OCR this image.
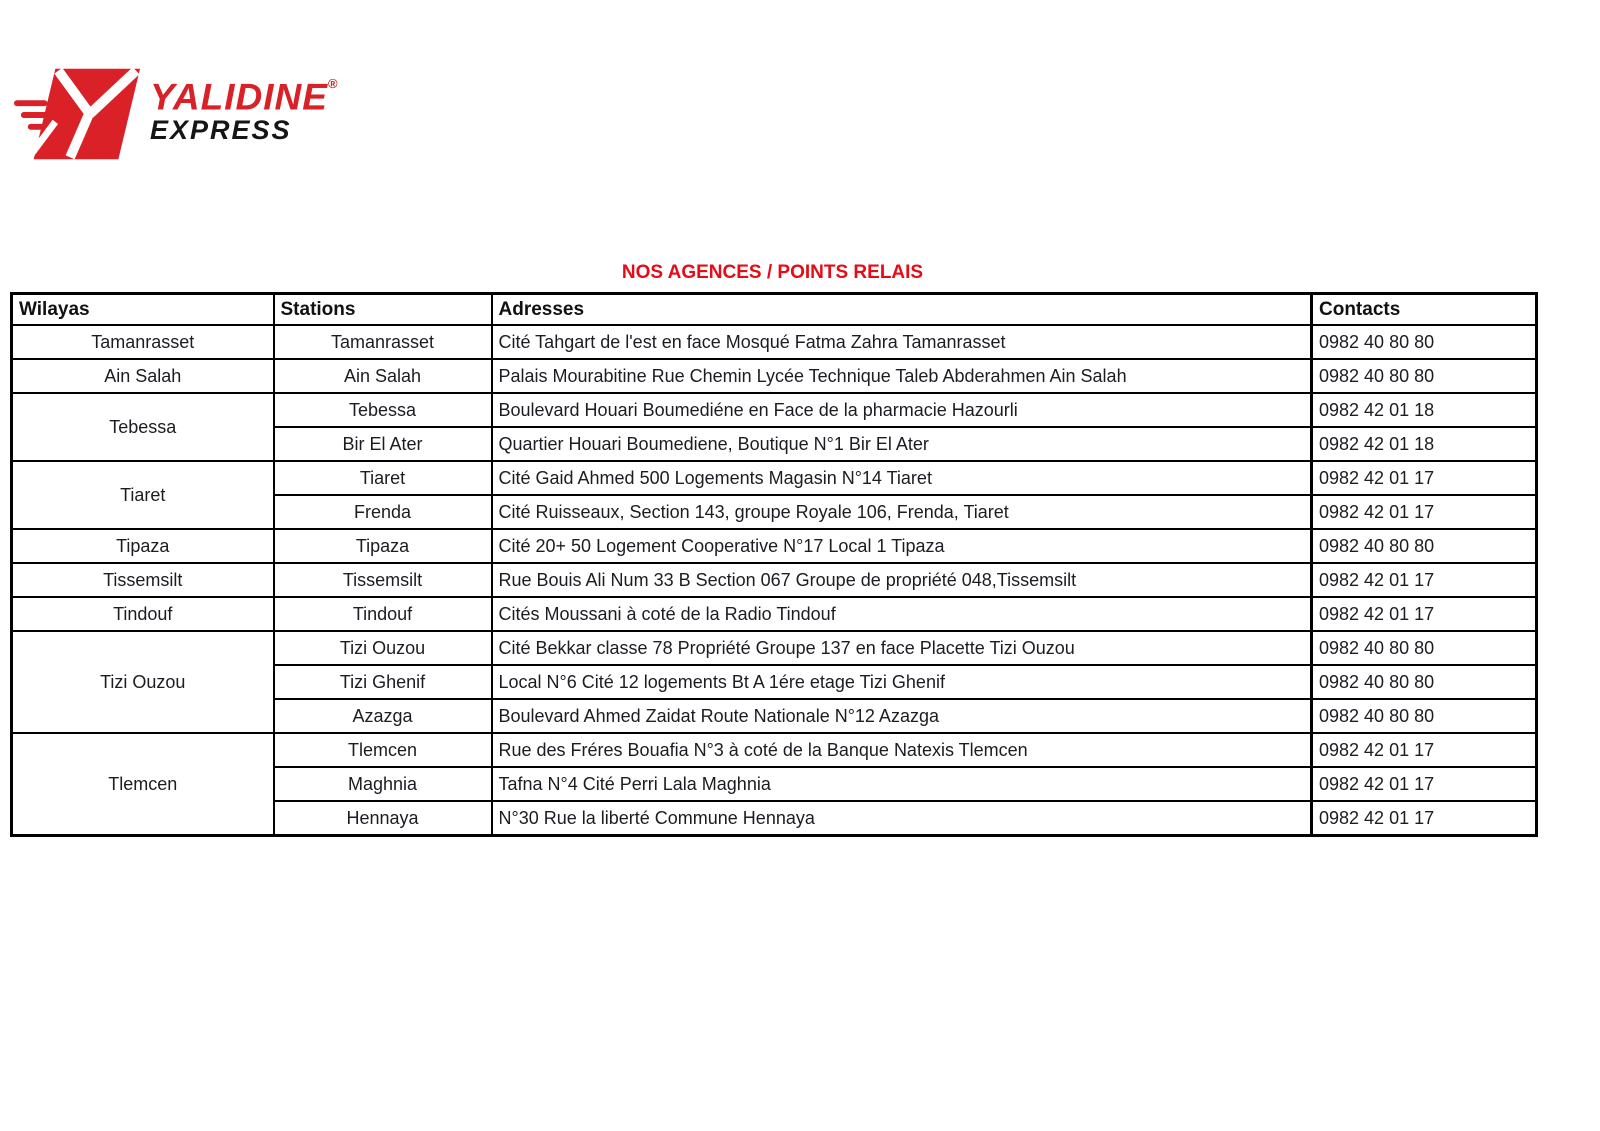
YALIDINE®
EXPRESS
NOS AGENCES / POINTS RELAIS
Wilayas	Stations	Adresses	Contacts
Tamanrasset	Tamanrasset	Cité Tahgart de l'est en face Mosqué Fatma Zahra Tamanrasset	0982 40 80 80
Ain Salah	Ain Salah	Palais Mourabitine Rue Chemin Lycée Technique Taleb Abderahmen Ain Salah	0982 40 80 80
Tebessa	Tebessa	Boulevard Houari Boumediéne en Face de la pharmacie Hazourli	0982 42 01 18
	Bir El Ater	Quartier Houari Boumediene, Boutique N°1 Bir El Ater	0982 42 01 18
Tiaret	Tiaret	Cité Gaid Ahmed 500 Logements Magasin N°14 Tiaret	0982 42 01 17
	Frenda	Cité Ruisseaux, Section 143, groupe Royale 106, Frenda, Tiaret	0982 42 01 17
Tipaza	Tipaza	Cité 20+ 50 Logement Cooperative N°17 Local 1 Tipaza	0982 40 80 80
Tissemsilt	Tissemsilt	Rue Bouis Ali Num 33 B Section 067 Groupe de propriété 048,Tissemsilt	0982 42 01 17
Tindouf	Tindouf	Cités Moussani à coté de la Radio Tindouf	0982 42 01 17
Tizi Ouzou	Tizi Ouzou	Cité Bekkar classe 78 Propriété Groupe 137 en face Placette Tizi Ouzou	0982 40 80 80
	Tizi Ghenif	Local N°6 Cité 12 logements Bt A 1ére etage Tizi Ghenif	0982 40 80 80
	Azazga	Boulevard Ahmed Zaidat Route Nationale N°12 Azazga	0982 40 80 80
Tlemcen	Tlemcen	Rue des Fréres Bouafia N°3 à coté de la Banque Natexis Tlemcen	0982 42 01 17
	Maghnia	Tafna N°4 Cité Perri Lala Maghnia	0982 42 01 17
	Hennaya	N°30 Rue la liberté Commune Hennaya	0982 42 01 17
